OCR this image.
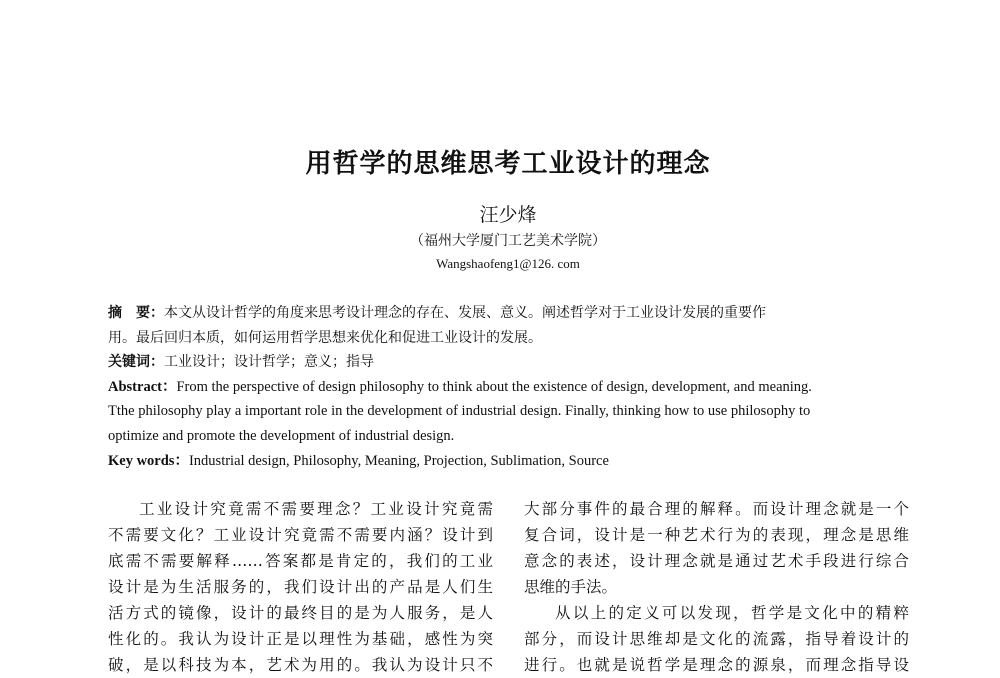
用哲学的思维思考工业设计的理念
汪少烽
（福州大学厦门工艺美术学院）
Wangshaofeng1@126. com
摘　要：本文从设计哲学的角度来思考设计理念的存在、发展、意义。阐述哲学对于工业设计发展的重要作
用。最后回归本质，如何运用哲学思想来优化和促进工业设计的发展。
关键词：工业设计；设计哲学；意义；指导
Abstract：From the perspective of design philosophy to think about the existence of design, development, and meaning.
Tthe philosophy play a important role in the development of industrial design. Finally, thinking how to use philosophy to
optimize and promote the development of industrial design.
Key words：Industrial design, Philosophy, Meaning, Projection, Sublimation, Source
工业设计究竟需不需要理念？工业设计究竟需
不需要文化？工业设计究竟需不需要内涵？设计到
底需不需要解释……答案都是肯定的，我们的工业
设计是为生活服务的，我们设计出的产品是人们生
活方式的镜像，设计的最终目的是为人服务，是人
性化的。我认为设计正是以理性为基础，感性为突
破，是以科技为本，艺术为用的。我认为设计只不
大部分事件的最合理的解释。而设计理念就是一个
复合词，设计是一种艺术行为的表现，理念是思维
意念的表述，设计理念就是通过艺术手段进行综合
思维的手法。
从以上的定义可以发现，哲学是文化中的精粹
部分，而设计思维却是文化的流露，指导着设计的
进行。也就是说哲学是理念的源泉，而理念指导设
